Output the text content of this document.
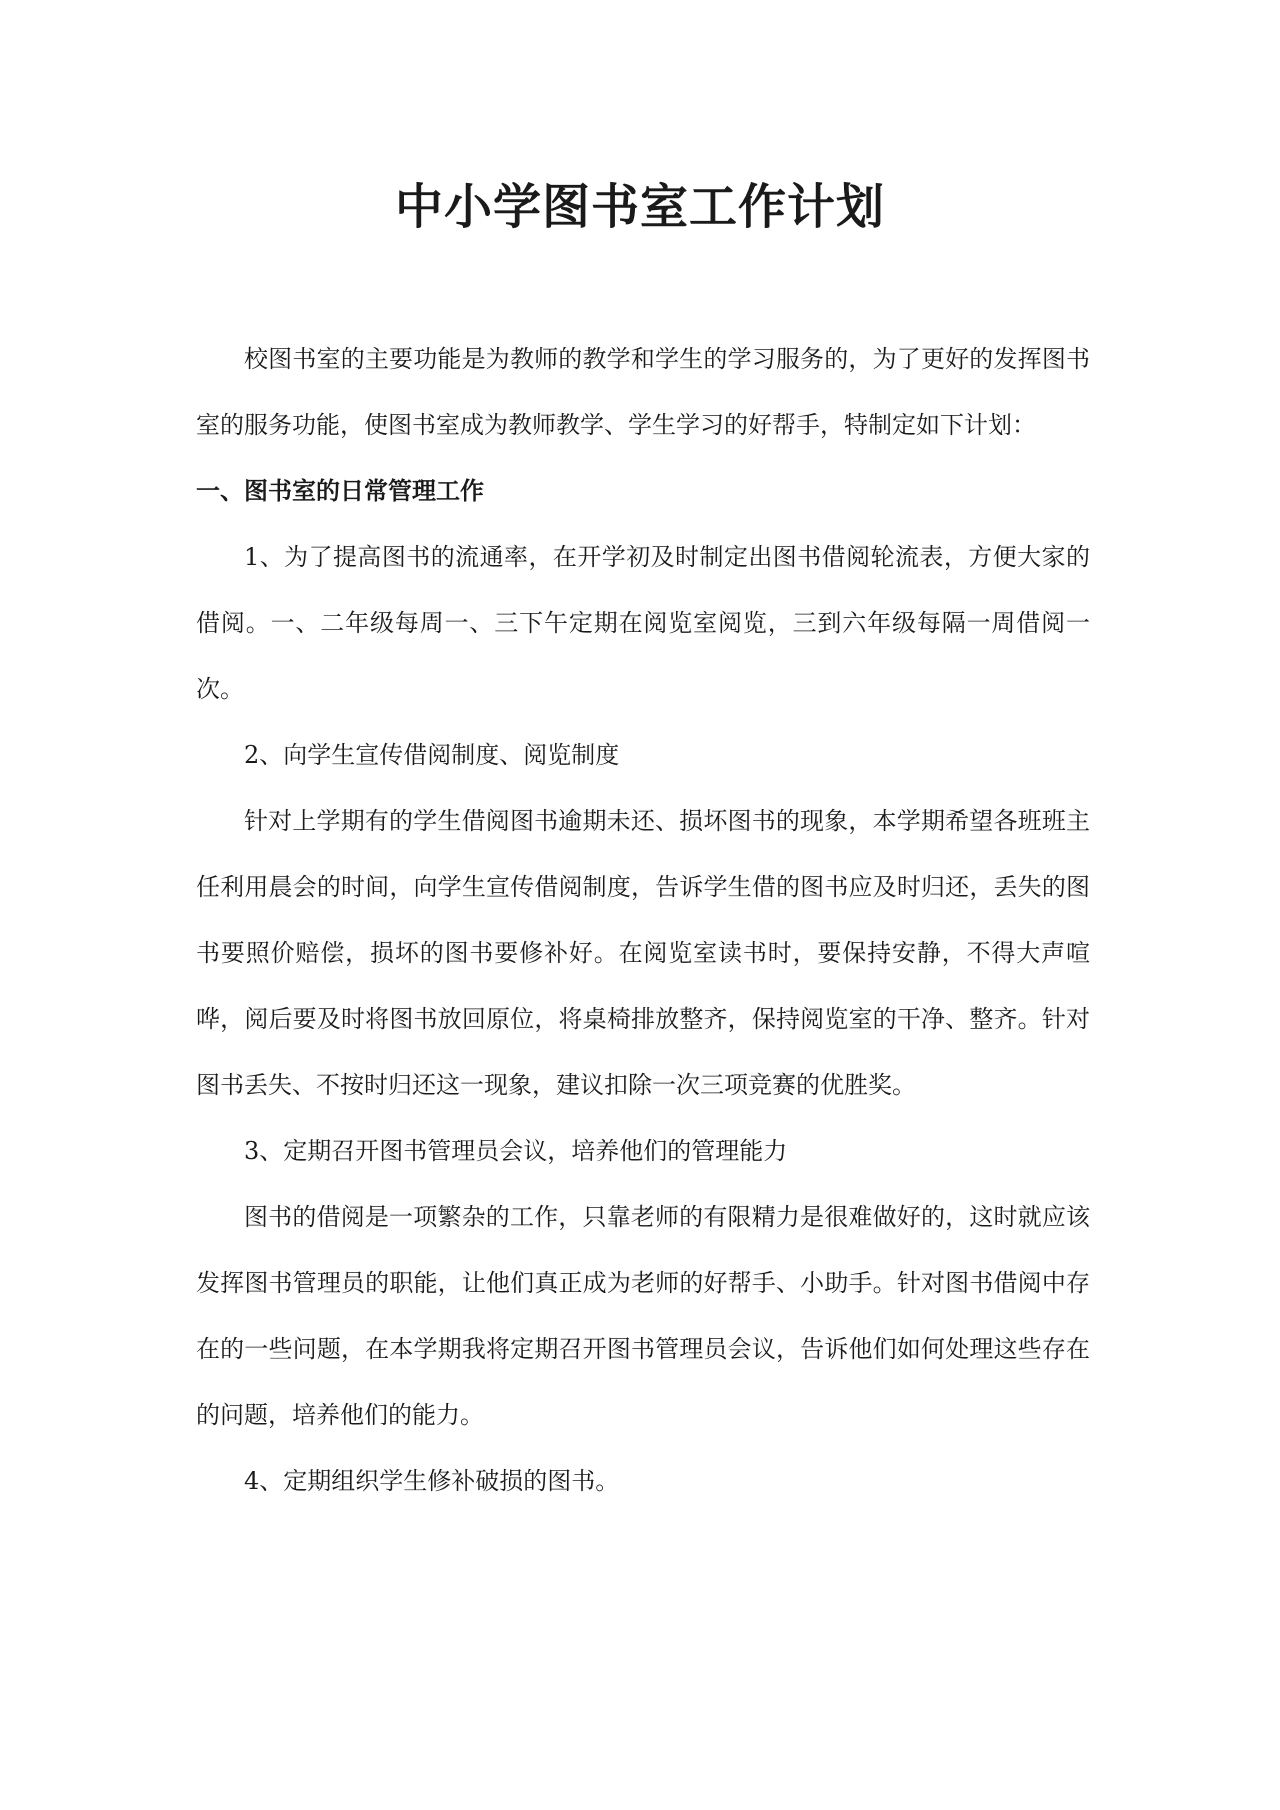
中小学图书室工作计划

校图书室的主要功能是为教师的教学和学生的学习服务的，为了更好的发挥图书室的服务功能，使图书室成为教师教学、学生学习的好帮手，特制定如下计划：

一、图书室的日常管理工作

1、为了提高图书的流通率，在开学初及时制定出图书借阅轮流表，方便大家的借阅。一、二年级每周一、三下午定期在阅览室阅览，三到六年级每隔一周借阅一次。

2、向学生宣传借阅制度、阅览制度

针对上学期有的学生借阅图书逾期未还、损坏图书的现象，本学期希望各班班主任利用晨会的时间，向学生宣传借阅制度，告诉学生借的图书应及时归还，丢失的图书要照价赔偿，损坏的图书要修补好。在阅览室读书时，要保持安静，不得大声喧哗，阅后要及时将图书放回原位，将桌椅排放整齐，保持阅览室的干净、整齐。针对图书丢失、不按时归还这一现象，建议扣除一次三项竞赛的优胜奖。

3、定期召开图书管理员会议，培养他们的管理能力

图书的借阅是一项繁杂的工作，只靠老师的有限精力是很难做好的，这时就应该发挥图书管理员的职能，让他们真正成为老师的好帮手、小助手。针对图书借阅中存在的一些问题，在本学期我将定期召开图书管理员会议，告诉他们如何处理这些存在的问题，培养他们的能力。

4、定期组织学生修补破损的图书。
